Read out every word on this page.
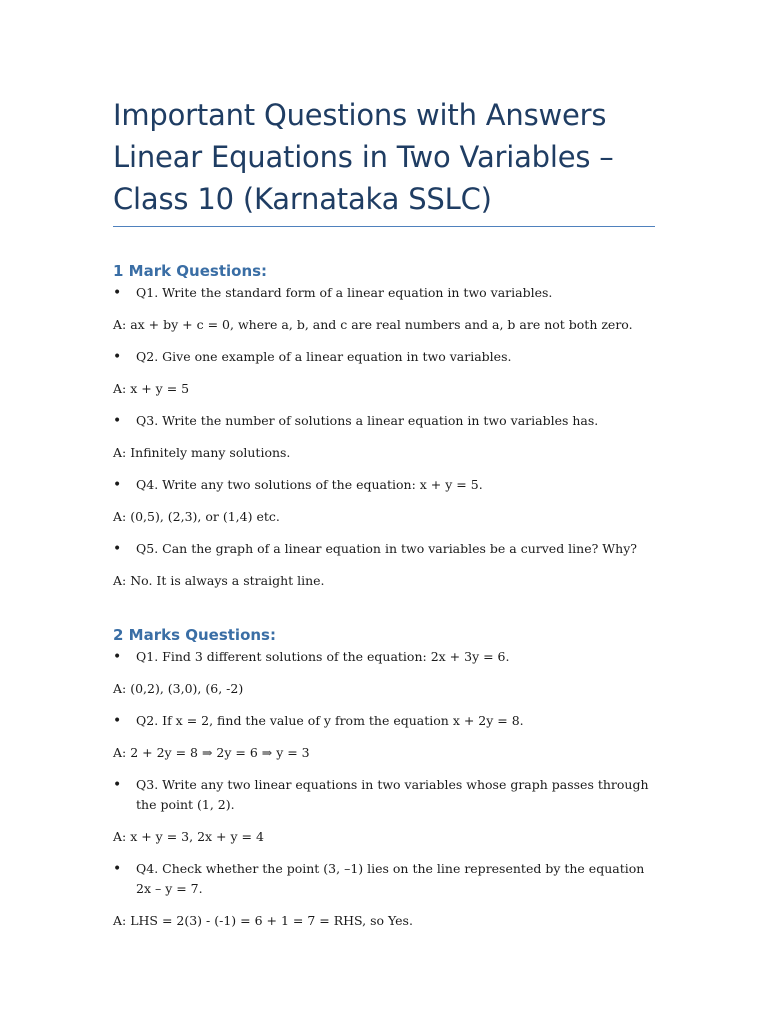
Important Questions with Answers
Linear Equations in Two Variables –
Class 10 (Karnataka SSLC)
1 Mark Questions:

• Q1. Write the standard form of a linear equation in two variables.

A: ax + by + c = 0, where a, b, and c are real numbers and a, b are not both zero.

• Q2. Give one example of a linear equation in two variables.

A: x + y = 5

• Q3. Write the number of solutions a linear equation in two variables has.

A: Infinitely many solutions.

• Q4. Write any two solutions of the equation: x + y = 5.

A: (0,5), (2,3), or (1,4) etc.

• Q5. Can the graph of a linear equation in two variables be a curved line? Why?

A: No. It is always a straight line.

2 Marks Questions:

• Q1. Find 3 different solutions of the equation: 2x + 3y = 6.

A: (0,2), (3,0), (6, -2)

• Q2. If x = 2, find the value of y from the equation x + 2y = 8.

A: 2 + 2y = 8 ⇒ 2y = 6 ⇒ y = 3

• Q3. Write any two linear equations in two variables whose graph passes through the point (1, 2).

A: x + y = 3, 2x + y = 4

• Q4. Check whether the point (3, –1) lies on the line represented by the equation 2x – y = 7.

A: LHS = 2(3) - (-1) = 6 + 1 = 7 = RHS, so Yes.
